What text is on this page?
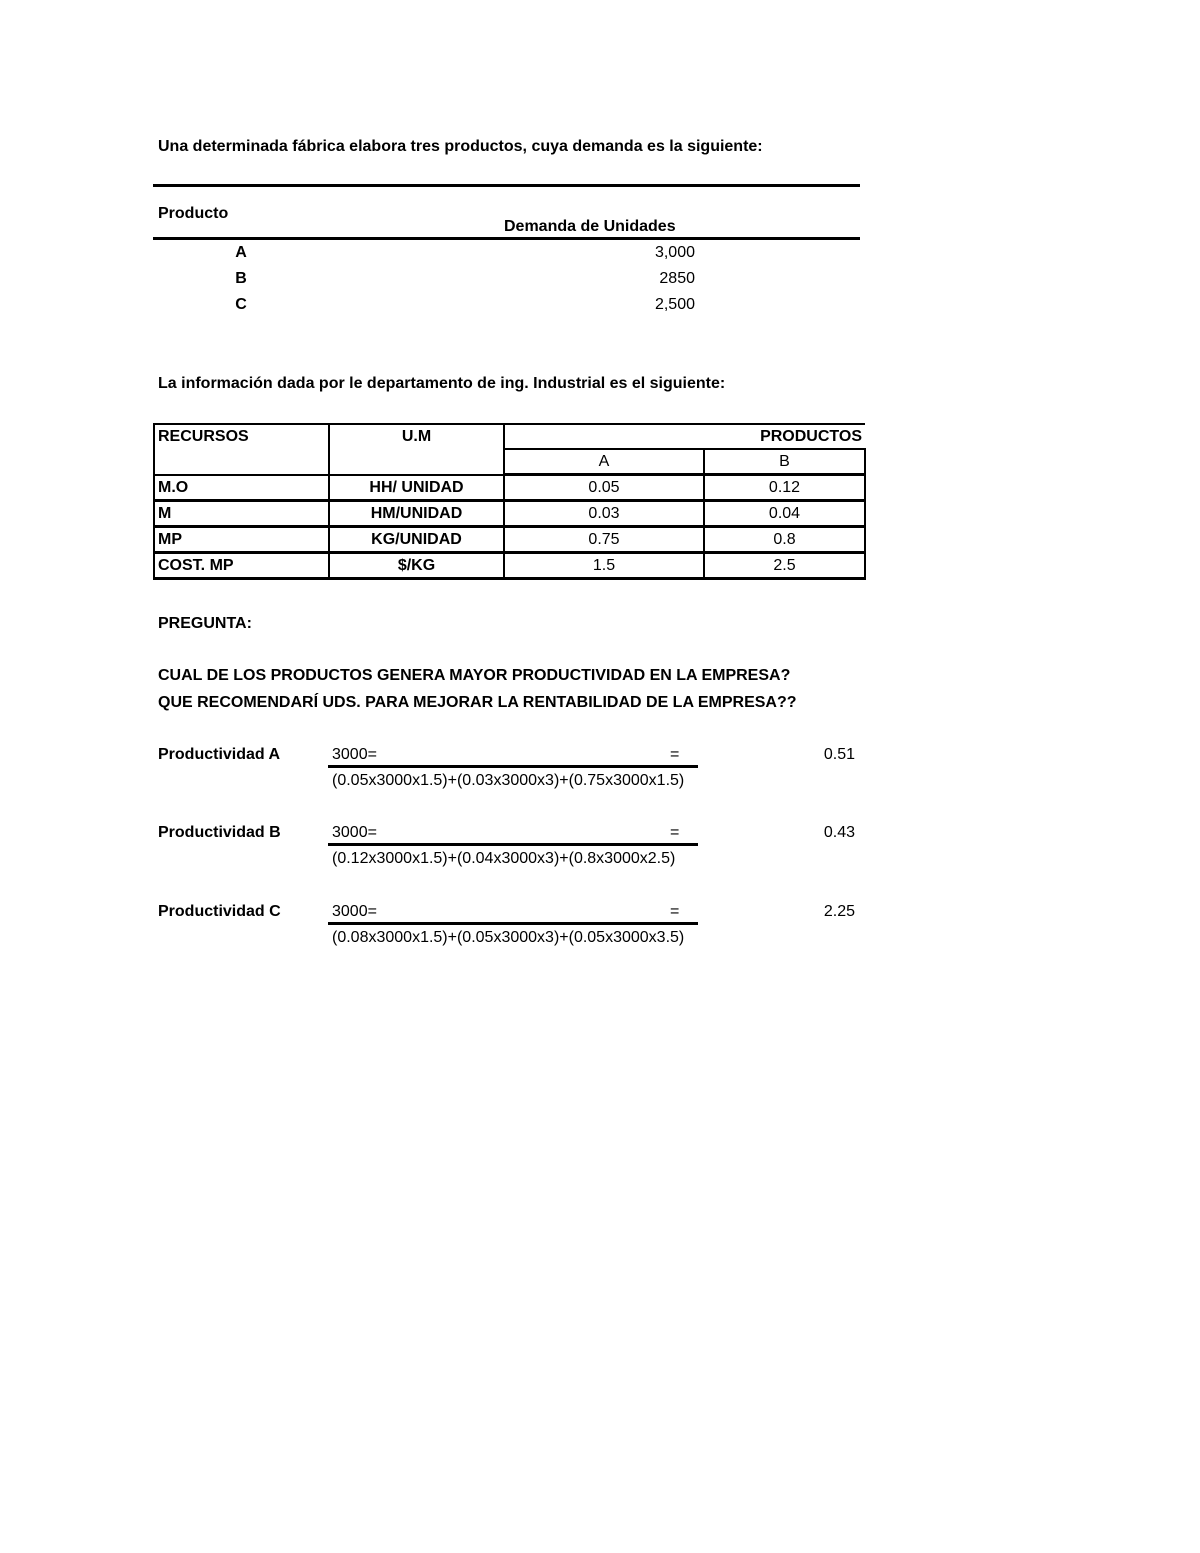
Una determinada fábrica elabora tres productos, cuya demanda es la siguiente:
Producto
Demanda de Unidades
A	3,000
B	2850
C	2,500
La información dada por le departamento de ing. Industrial es el siguiente:
RECURSOS	U.M	PRODUCTOS	
		A	B
M.O	HH/ UNIDAD	0.05	0.12
M	HM/UNIDAD	0.03	0.04
MP	KG/UNIDAD	0.75	0.8
COST. MP	$/KG	1.5	2.5
PREGUNTA:
CUAL DE LOS PRODUCTOS GENERA MAYOR PRODUCTIVIDAD EN LA EMPRESA?
QUE RECOMENDARÍ UDS. PARA MEJORAR LA RENTABILIDAD DE LA EMPRESA??
Productividad A	3000=	=
(0.05x3000x1.5)+(0.03x3000x3)+(0.75x3000x1.5)
0.51
Productividad B	3000=	=
(0.12x3000x1.5)+(0.04x3000x3)+(0.8x3000x2.5)
0.43
Productividad C	3000=	=
(0.08x3000x1.5)+(0.05x3000x3)+(0.05x3000x3.5)
2.25
